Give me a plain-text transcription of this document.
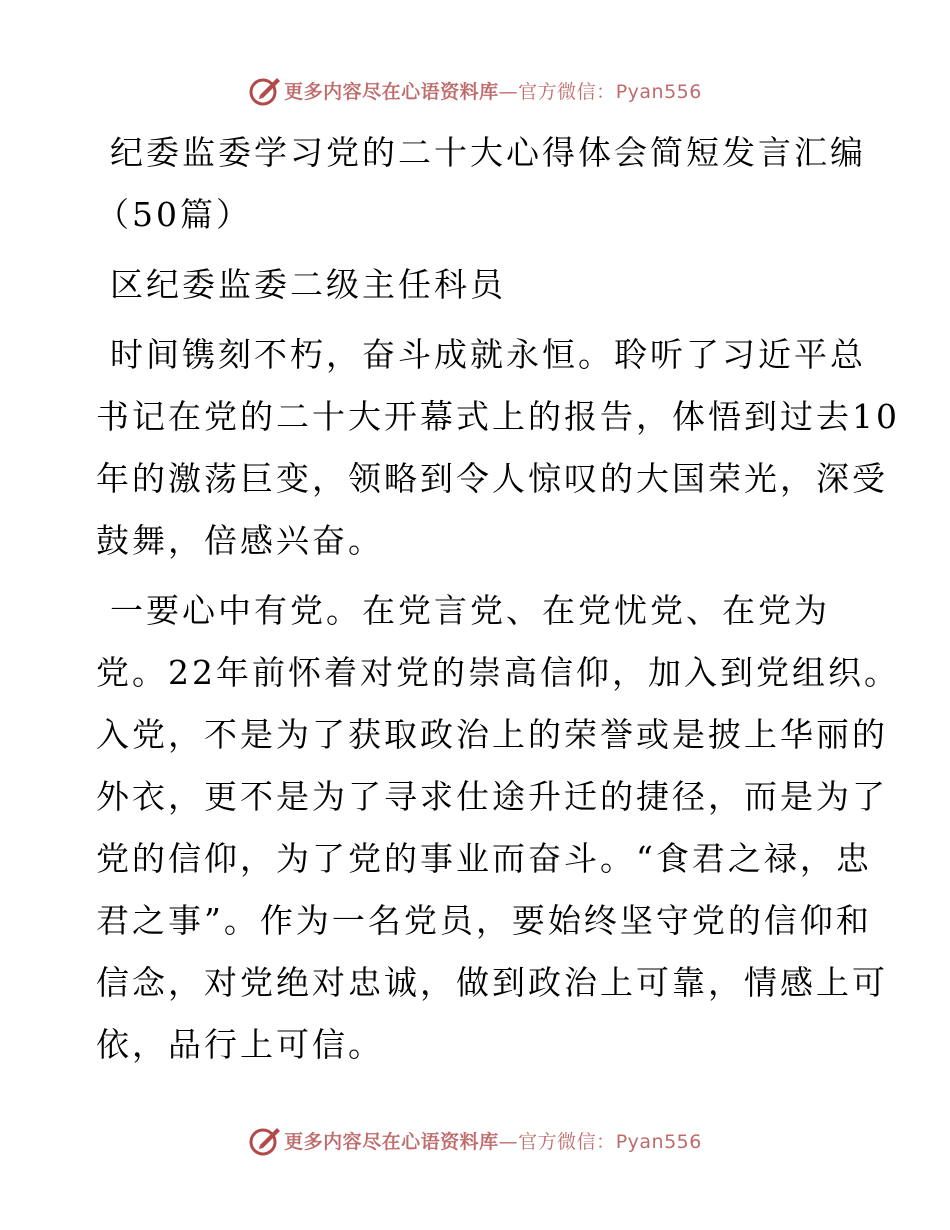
更多内容尽在心语资料库—官方微信：Pyan556
纪委监委学习党的二十大心得体会简短发言汇编
（50篇）
区纪委监委二级主任科员
时间镌刻不朽，奋斗成就永恒。聆听了习近平总
书记在党的二十大开幕式上的报告，体悟到过去10
年的激荡巨变，领略到令人惊叹的大国荣光，深受
鼓舞，倍感兴奋。
一要心中有党。在党言党、在党忧党、在党为
党。22年前怀着对党的崇高信仰，加入到党组织。
入党，不是为了获取政治上的荣誉或是披上华丽的
外衣，更不是为了寻求仕途升迁的捷径，而是为了
党的信仰，为了党的事业而奋斗。“食君之禄，忠
君之事”。作为一名党员，要始终坚守党的信仰和
信念，对党绝对忠诚，做到政治上可靠，情感上可
依，品行上可信。
更多内容尽在心语资料库—官方微信：Pyan556
